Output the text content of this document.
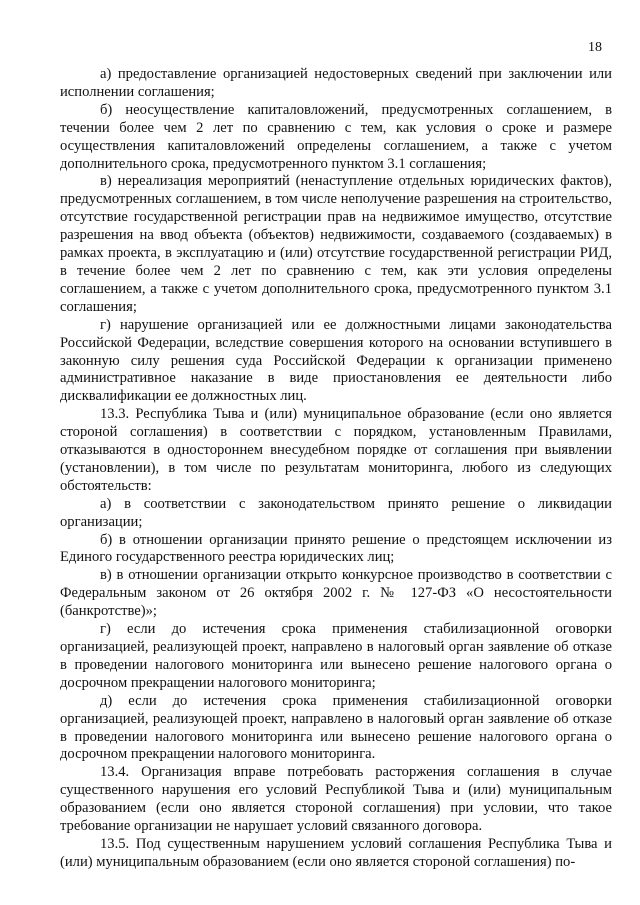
18

а) предоставление организацией недостоверных сведений при заключении или исполнении соглашения;

б) неосуществление капиталовложений, предусмотренных соглашением, в течении более чем 2 лет по сравнению с тем, как условия о сроке и размере осуществления капиталовложений определены соглашением, а также с учетом дополнительного срока, предусмотренного пунктом 3.1 соглашения;

в) нереализация мероприятий (ненаступление отдельных юридических фактов), предусмотренных соглашением, в том числе неполучение разрешения на строительство, отсутствие государственной регистрации прав на недвижимое имущество, отсутствие разрешения на ввод объекта (объектов) недвижимости, создаваемого (создаваемых) в рамках проекта, в эксплуатацию и (или) отсутствие государственной регистрации РИД, в течение более чем 2 лет по сравнению с тем, как эти условия определены соглашением, а также с учетом дополнительного срока, предусмотренного пунктом 3.1 соглашения;

г) нарушение организацией или ее должностными лицами законодательства Российской Федерации, вследствие совершения которого на основании вступившего в законную силу решения суда Российской Федерации к организации применено административное наказание в виде приостановления ее деятельности либо дисквалификации ее должностных лиц.

13.3. Республика Тыва и (или) муниципальное образование (если оно является стороной соглашения) в соответствии с порядком, установленным Правилами, отказываются в одностороннем внесудебном порядке от соглашения при выявлении (установлении), в том числе по результатам мониторинга, любого из следующих обстоятельств:

а) в соответствии с законодательством принято решение о ликвидации организации;

б) в отношении организации принято решение о предстоящем исключении из Единого государственного реестра юридических лиц;

в) в отношении организации открыто конкурсное производство в соответствии с Федеральным законом от 26 октября 2002 г. № 127-ФЗ «О несостоятельности (банкротстве)»;

г) если до истечения срока применения стабилизационной оговорки организацией, реализующей проект, направлено в налоговый орган заявление об отказе в проведении налогового мониторинга или вынесено решение налогового органа о досрочном прекращении налогового мониторинга;

д) если до истечения срока применения стабилизационной оговорки организацией, реализующей проект, направлено в налоговый орган заявление об отказе в проведении налогового мониторинга или вынесено решение налогового органа о досрочном прекращении налогового мониторинга.

13.4. Организация вправе потребовать расторжения соглашения в случае существенного нарушения его условий Республикой Тыва и (или) муниципальным образованием (если оно является стороной соглашения) при условии, что такое требование организации не нарушает условий связанного договора.

13.5. Под существенным нарушением условий соглашения Республика Тыва и (или) муниципальным образованием (если оно является стороной соглашения) по-
